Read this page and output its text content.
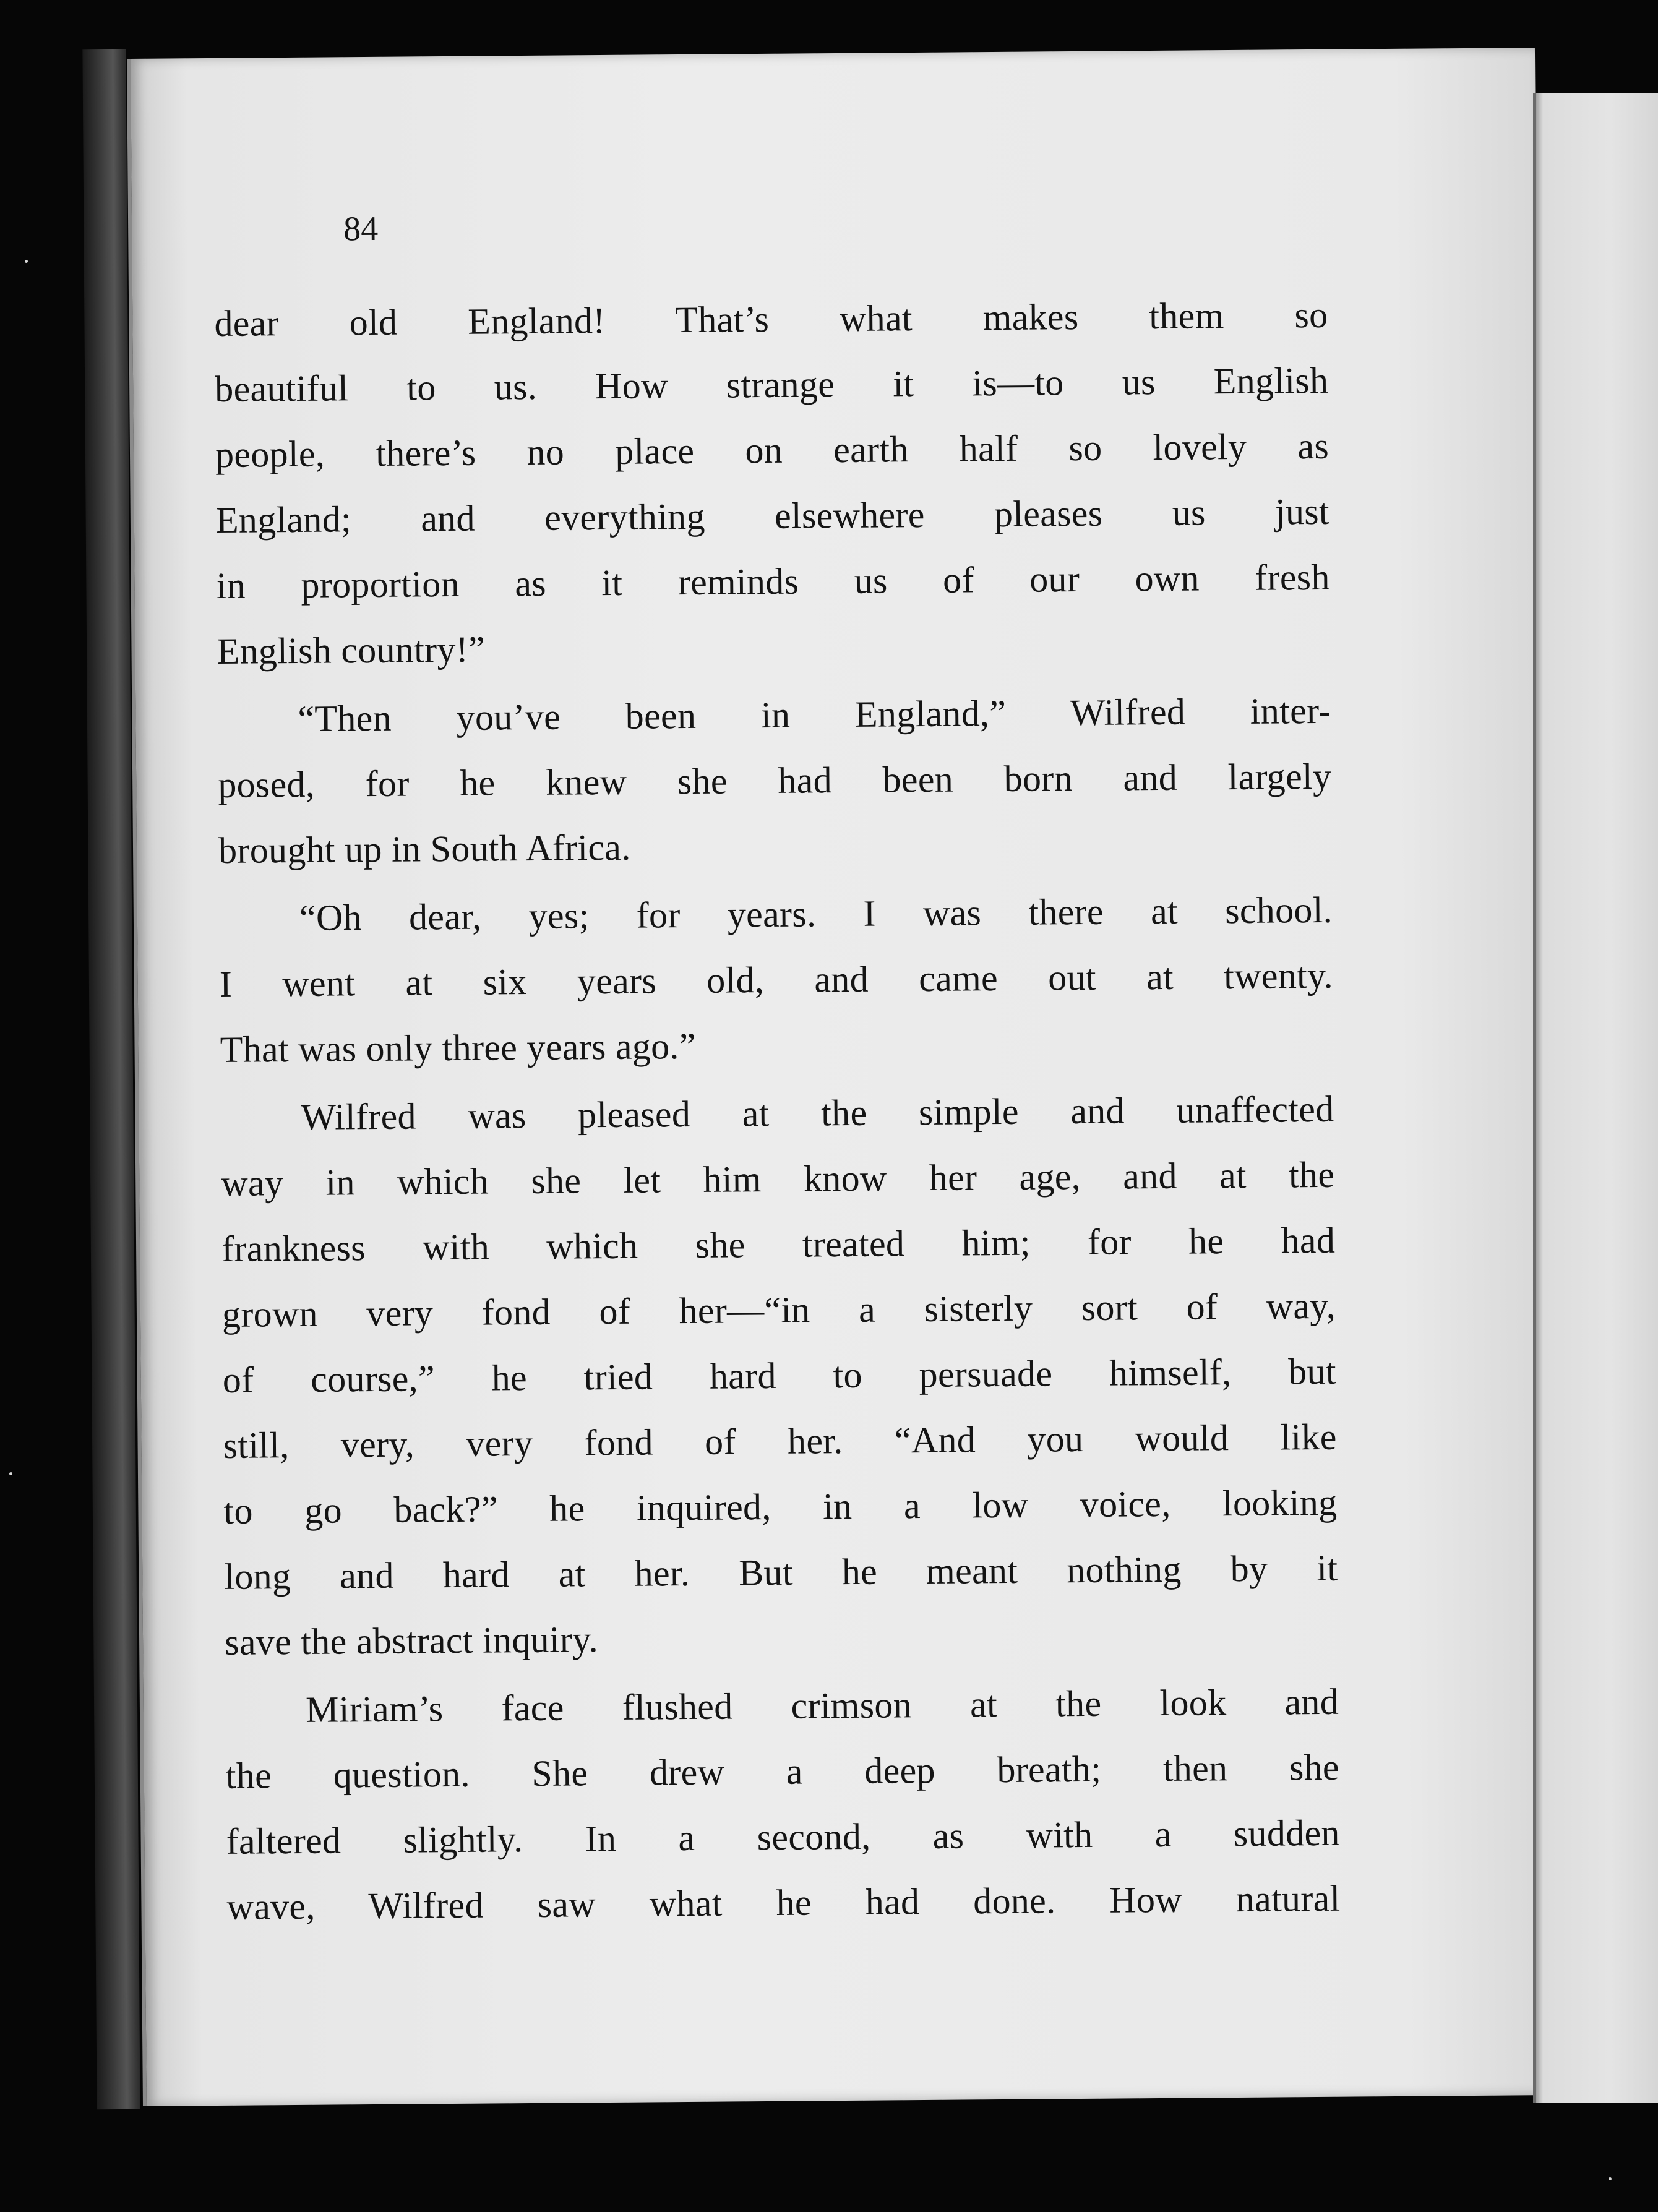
84
dear old England! That’s what makes them so
beautiful to us. How strange it is—to us English
people, there’s no place on earth half so lovely as
England; and everything elsewhere pleases us just
in proportion as it reminds us of our own fresh
English country!”
“Then you’ve been in England,” Wilfred inter-
posed, for he knew she had been born and largely
brought up in South Africa.
“Oh dear, yes; for years. I was there at school.
I went at six years old, and came out at twenty.
That was only three years ago.”
Wilfred was pleased at the simple and unaffected
way in which she let him know her age, and at the
frankness with which she treated him; for he had
grown very fond of her—“in a sisterly sort of way,
of course,” he tried hard to persuade himself, but
still, very, very fond of her. “And you would like
to go back?” he inquired, in a low voice, looking
long and hard at her. But he meant nothing by it
save the abstract inquiry.
Miriam’s face flushed crimson at the look and
the question. She drew a deep breath; then she
faltered slightly. In a second, as with a sudden
wave, Wilfred saw what he had done. How natural
